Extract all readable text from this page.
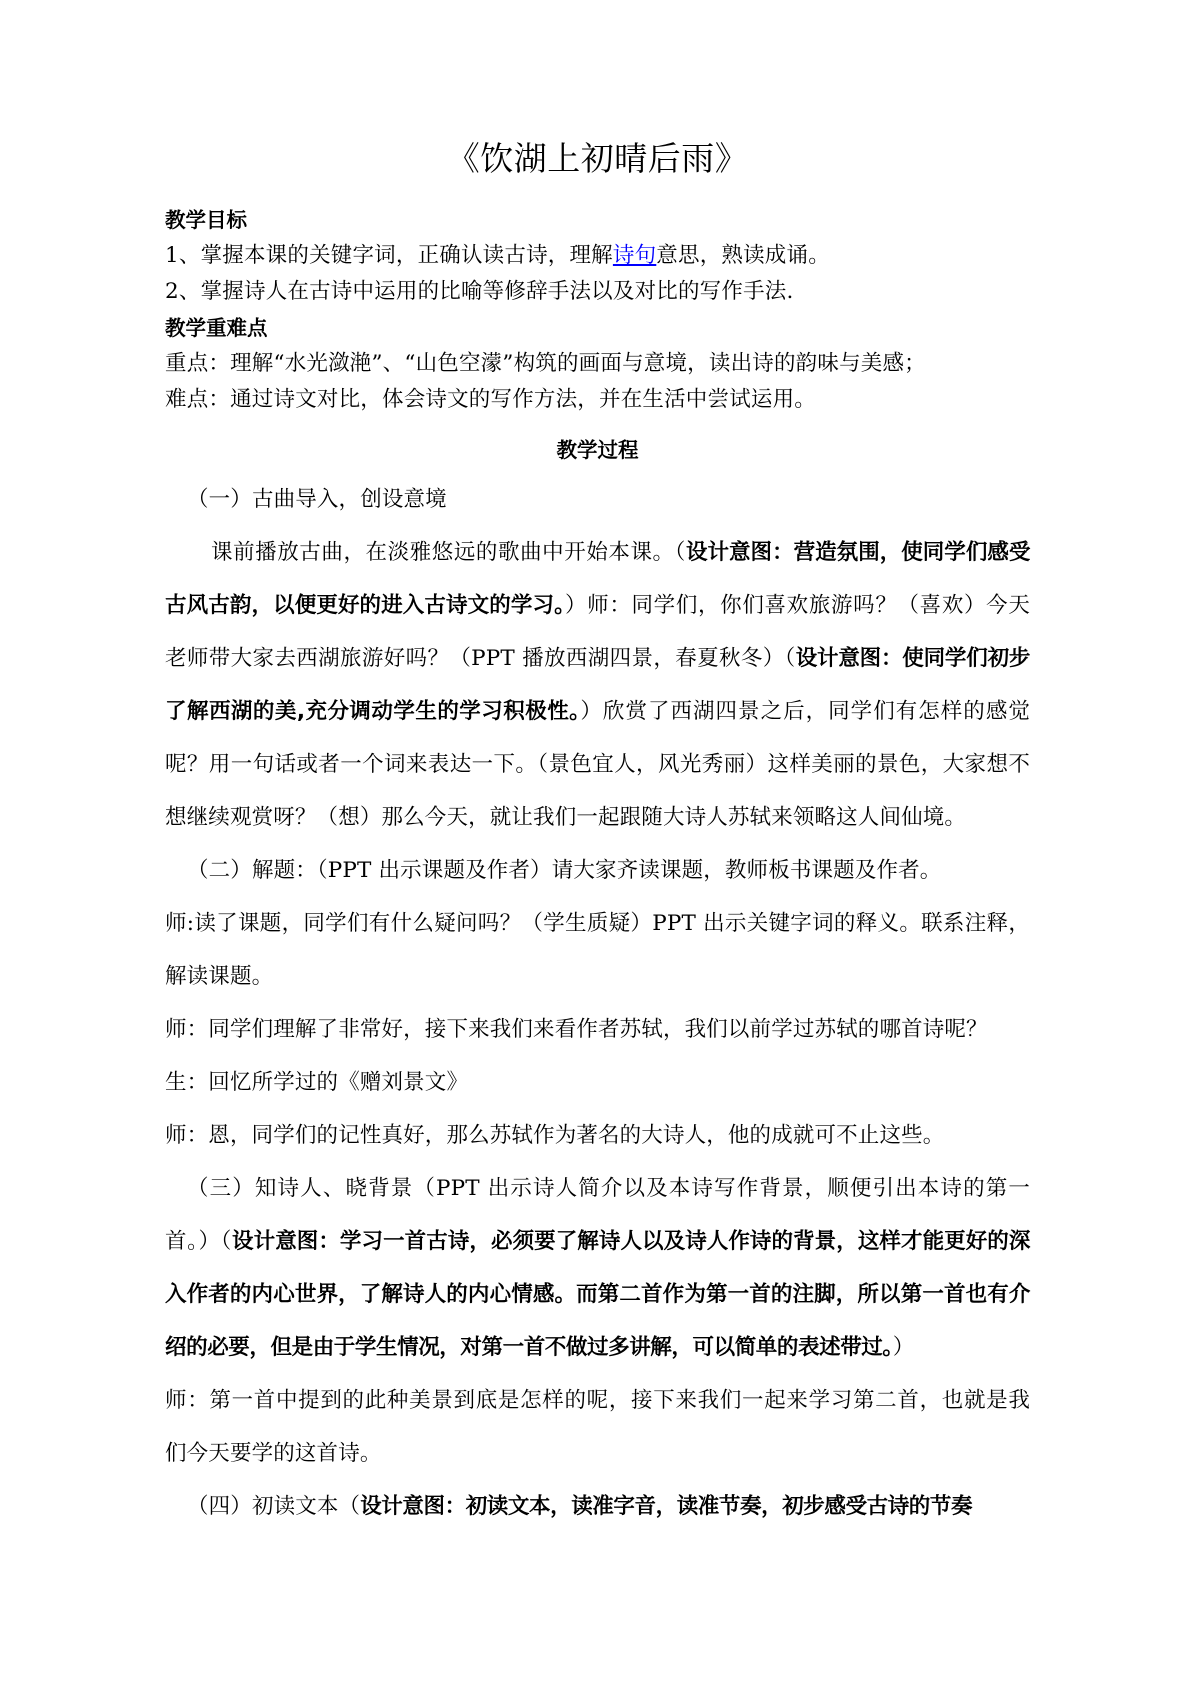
《饮湖上初晴后雨》
教学目标
1、掌握本课的关键字词，正确认读古诗，理解诗句意思，熟读成诵。
2、掌握诗人在古诗中运用的比喻等修辞手法以及对比的写作手法.
教学重难点
重点：理解“水光潋滟”、“山色空濛”构筑的画面与意境，读出诗的韵味与美感；
难点：通过诗文对比，体会诗文的写作方法，并在生活中尝试运用。
教学过程

（一）古曲导入，创设意境

课前播放古曲，在淡雅悠远的歌曲中开始本课。（设计意图：营造氛围，使同学们感受古风古韵，以便更好的进入古诗文的学习。）师：同学们，你们喜欢旅游吗？（喜欢）今天老师带大家去西湖旅游好吗？（PPT 播放西湖四景，春夏秋冬）（设计意图：使同学们初步了解西湖的美,充分调动学生的学习积极性。）欣赏了西湖四景之后，同学们有怎样的感觉呢？用一句话或者一个词来表达一下。（景色宜人，风光秀丽）这样美丽的景色，大家想不想继续观赏呀？（想）那么今天，就让我们一起跟随大诗人苏轼来领略这人间仙境。

（二）解题：（PPT 出示课题及作者）请大家齐读课题，教师板书课题及作者。

师:读了课题，同学们有什么疑问吗？（学生质疑）PPT 出示关键字词的释义。联系注释，解读课题。

师：同学们理解了非常好，接下来我们来看作者苏轼，我们以前学过苏轼的哪首诗呢？

生：回忆所学过的《赠刘景文》

师：恩，同学们的记性真好，那么苏轼作为著名的大诗人，他的成就可不止这些。

（三）知诗人、晓背景（PPT 出示诗人简介以及本诗写作背景，顺便引出本诗的第一首。）（设计意图：学习一首古诗，必须要了解诗人以及诗人作诗的背景，这样才能更好的深入作者的内心世界，了解诗人的内心情感。而第二首作为第一首的注脚，所以第一首也有介绍的必要，但是由于学生情况，对第一首不做过多讲解，可以简单的表述带过。）

师：第一首中提到的此种美景到底是怎样的呢，接下来我们一起来学习第二首，也就是我们今天要学的这首诗。

（四）初读文本（设计意图：初读文本，读准字音，读准节奏，初步感受古诗的节奏
